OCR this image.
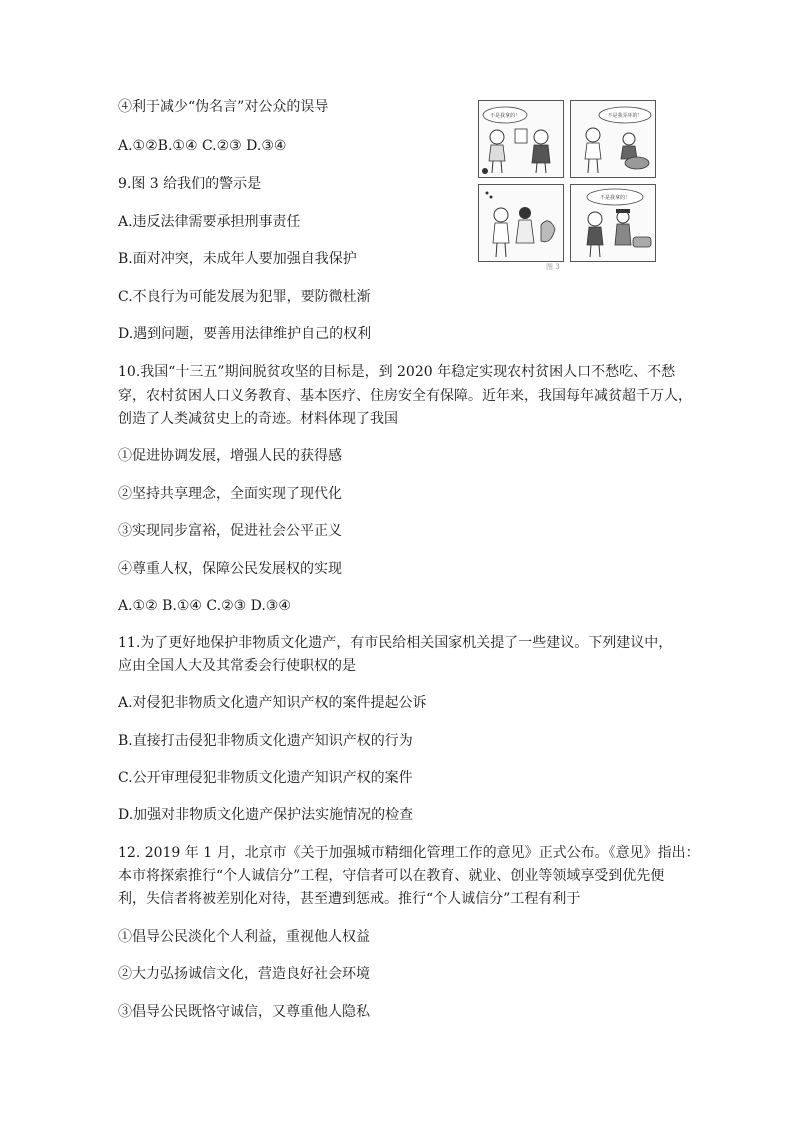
④利于减少“伪名言”对公众的误导
A.①②B.①④ C.②③ D.③④
9.图 3 给我们的警示是
A.违反法律需要承担刑事责任
B.面对冲突，未成年人要加强自我保护
C.不良行为可能发展为犯罪，要防微杜渐
D.遇到问题，要善用法律维护自己的权利
10.我国“十三五”期间脱贫攻坚的目标是，到 2020 年稳定实现农村贫困人口不愁吃、不愁
穿，农村贫困人口义务教育、基本医疗、住房安全有保障。近年来，我国每年减贫超千万人，
创造了人类减贫史上的奇迹。材料体现了我国
①促进协调发展，增强人民的获得感
②坚持共享理念，全面实现了现代化
③实现同步富裕，促进社会公平正义
④尊重人权，保障公民发展权的实现
A.①② B.①④ C.②③ D.③④
11.为了更好地保护非物质文化遗产，有市民给相关国家机关提了一些建议。下列建议中，
应由全国人大及其常委会行使职权的是
A.对侵犯非物质文化遗产知识产权的案件提起公诉
B.直接打击侵犯非物质文化遗产知识产权的行为
C.公开审理侵犯非物质文化遗产知识产权的案件
D.加强对非物质文化遗产保护法实施情况的检查
12. 2019 年 1 月，北京市《关于加强城市精细化管理工作的意见》正式公布。《意见》指出：
本市将探索推行“个人诚信分”工程，守信者可以在教育、就业、创业等领域享受到优先便
利，失信者将被差别化对待，甚至遭到惩戒。推行“个人诚信分”工程有利于
①倡导公民淡化个人利益，重视他人权益
②大力弘扬诚信文化，营造良好社会环境
③倡导公民既恪守诚信，又尊重他人隐私
不是我拿的！	不是我弄坏的！
不是我拿的！
图 3
